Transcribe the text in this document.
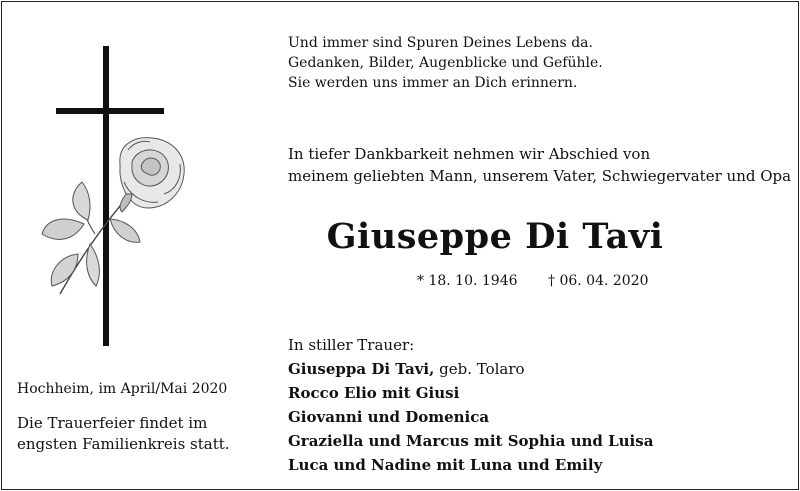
Und immer sind Spuren Deines Lebens da.
Gedanken, Bilder, Augenblicke und Gefühle.
Sie werden uns immer an Dich erinnern.
In tiefer Dankbarkeit nehmen wir Abschied von
meinem geliebten Mann, unserem Vater, Schwiegervater und Opa
Giuseppe Di Tavi
* 18. 10. 1946 † 06. 04. 2020
In stiller Trauer:
Giuseppa Di Tavi, geb. Tolaro
Rocco Elio mit Giusi
Giovanni und Domenica
Graziella und Marcus mit Sophia und Luisa
Luca und Nadine mit Luna und Emily
Hochheim, im April/Mai 2020
Die Trauerfeier findet im
engsten Familienkreis statt.
